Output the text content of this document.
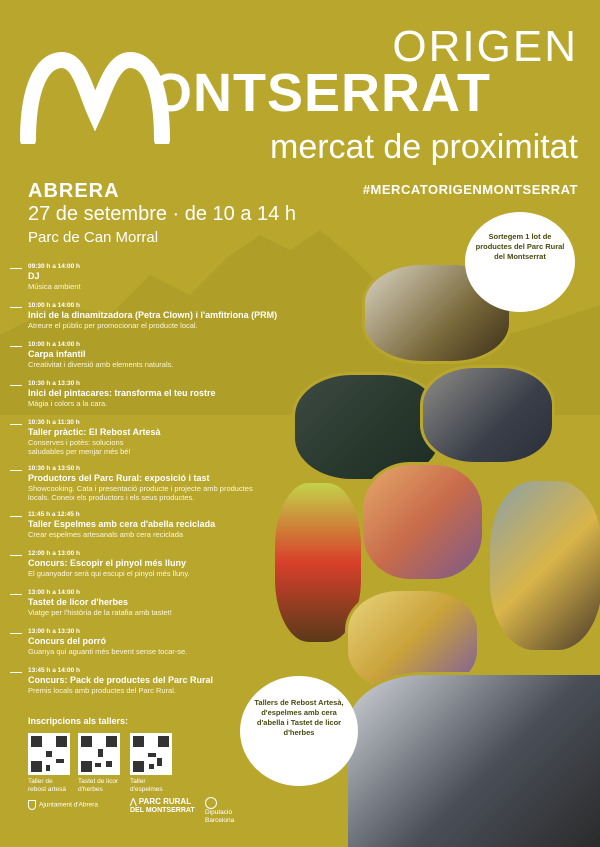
ORIGEN
ONTSERRAT
mercat de proximitat
ABRERA
27 de setembre · de 10 a 14 h
Parc de Can Morral
#MERCATORIGENMONTSERRAT
09:30 h a 14:00 h
DJ
Música ambient
10:00 h a 14:00 h
Inici de la dinamitzadora (Petra Clown) i l'amfitriona (PRM)
Atreure el públic per promocionar el producte local.
10:00 h a 14:00 h
Carpa infantil
Creativitat i diversió amb elements naturals.
10:30 h a 13:30 h
Inici del pintacares: transforma el teu rostre
Màgia i colors a la cara.
10:30 h a 11:30 h
Taller pràctic: El Rebost Artesà
Conserves i potès: solucions saludables per menjar més bé!
10:30 h a 13:50 h
Productors del Parc Rural: exposició i tast
Showcooking. Cata i presentació producte i projecte amb productes locals. Coneix els productors i els seus productes.
11:45 h a 12:45 h
Taller Espelmes amb cera d'abella reciclada
Crear espelmes artesanals amb cera reciclada
12:00 h a 13:00 h
Concurs: Escopir el pinyol més lluny
El guanyador serà qui escupi el pinyol més lluny.
13:00 h a 14:00 h
Tastet de licor d'herbes
Viatge per l'història de la ratafia amb tastet!
13:00 h a 13:30 h
Concurs del porró
Guanya qui aguanti més bevent sense tocar-se.
13:45 h a 14:00 h
Concurs: Pack de productes del Parc Rural
Premis locals amb productes del Parc Rural.
Sortegem 1 lot de productes del Parc Rural del Montserrat
Tallers de Rebost Artesà, d'espelmes amb cera d'abella i Tastet de licor d'herbes
Inscripcions als tallers:
Taller de rebost artesà
Tastet de licor d'herbes
Taller d'espelmes
Ajuntament d'Abrera	⋀ PARC RURAL
DEL MONTSERRAT Diputació
Barcelona
